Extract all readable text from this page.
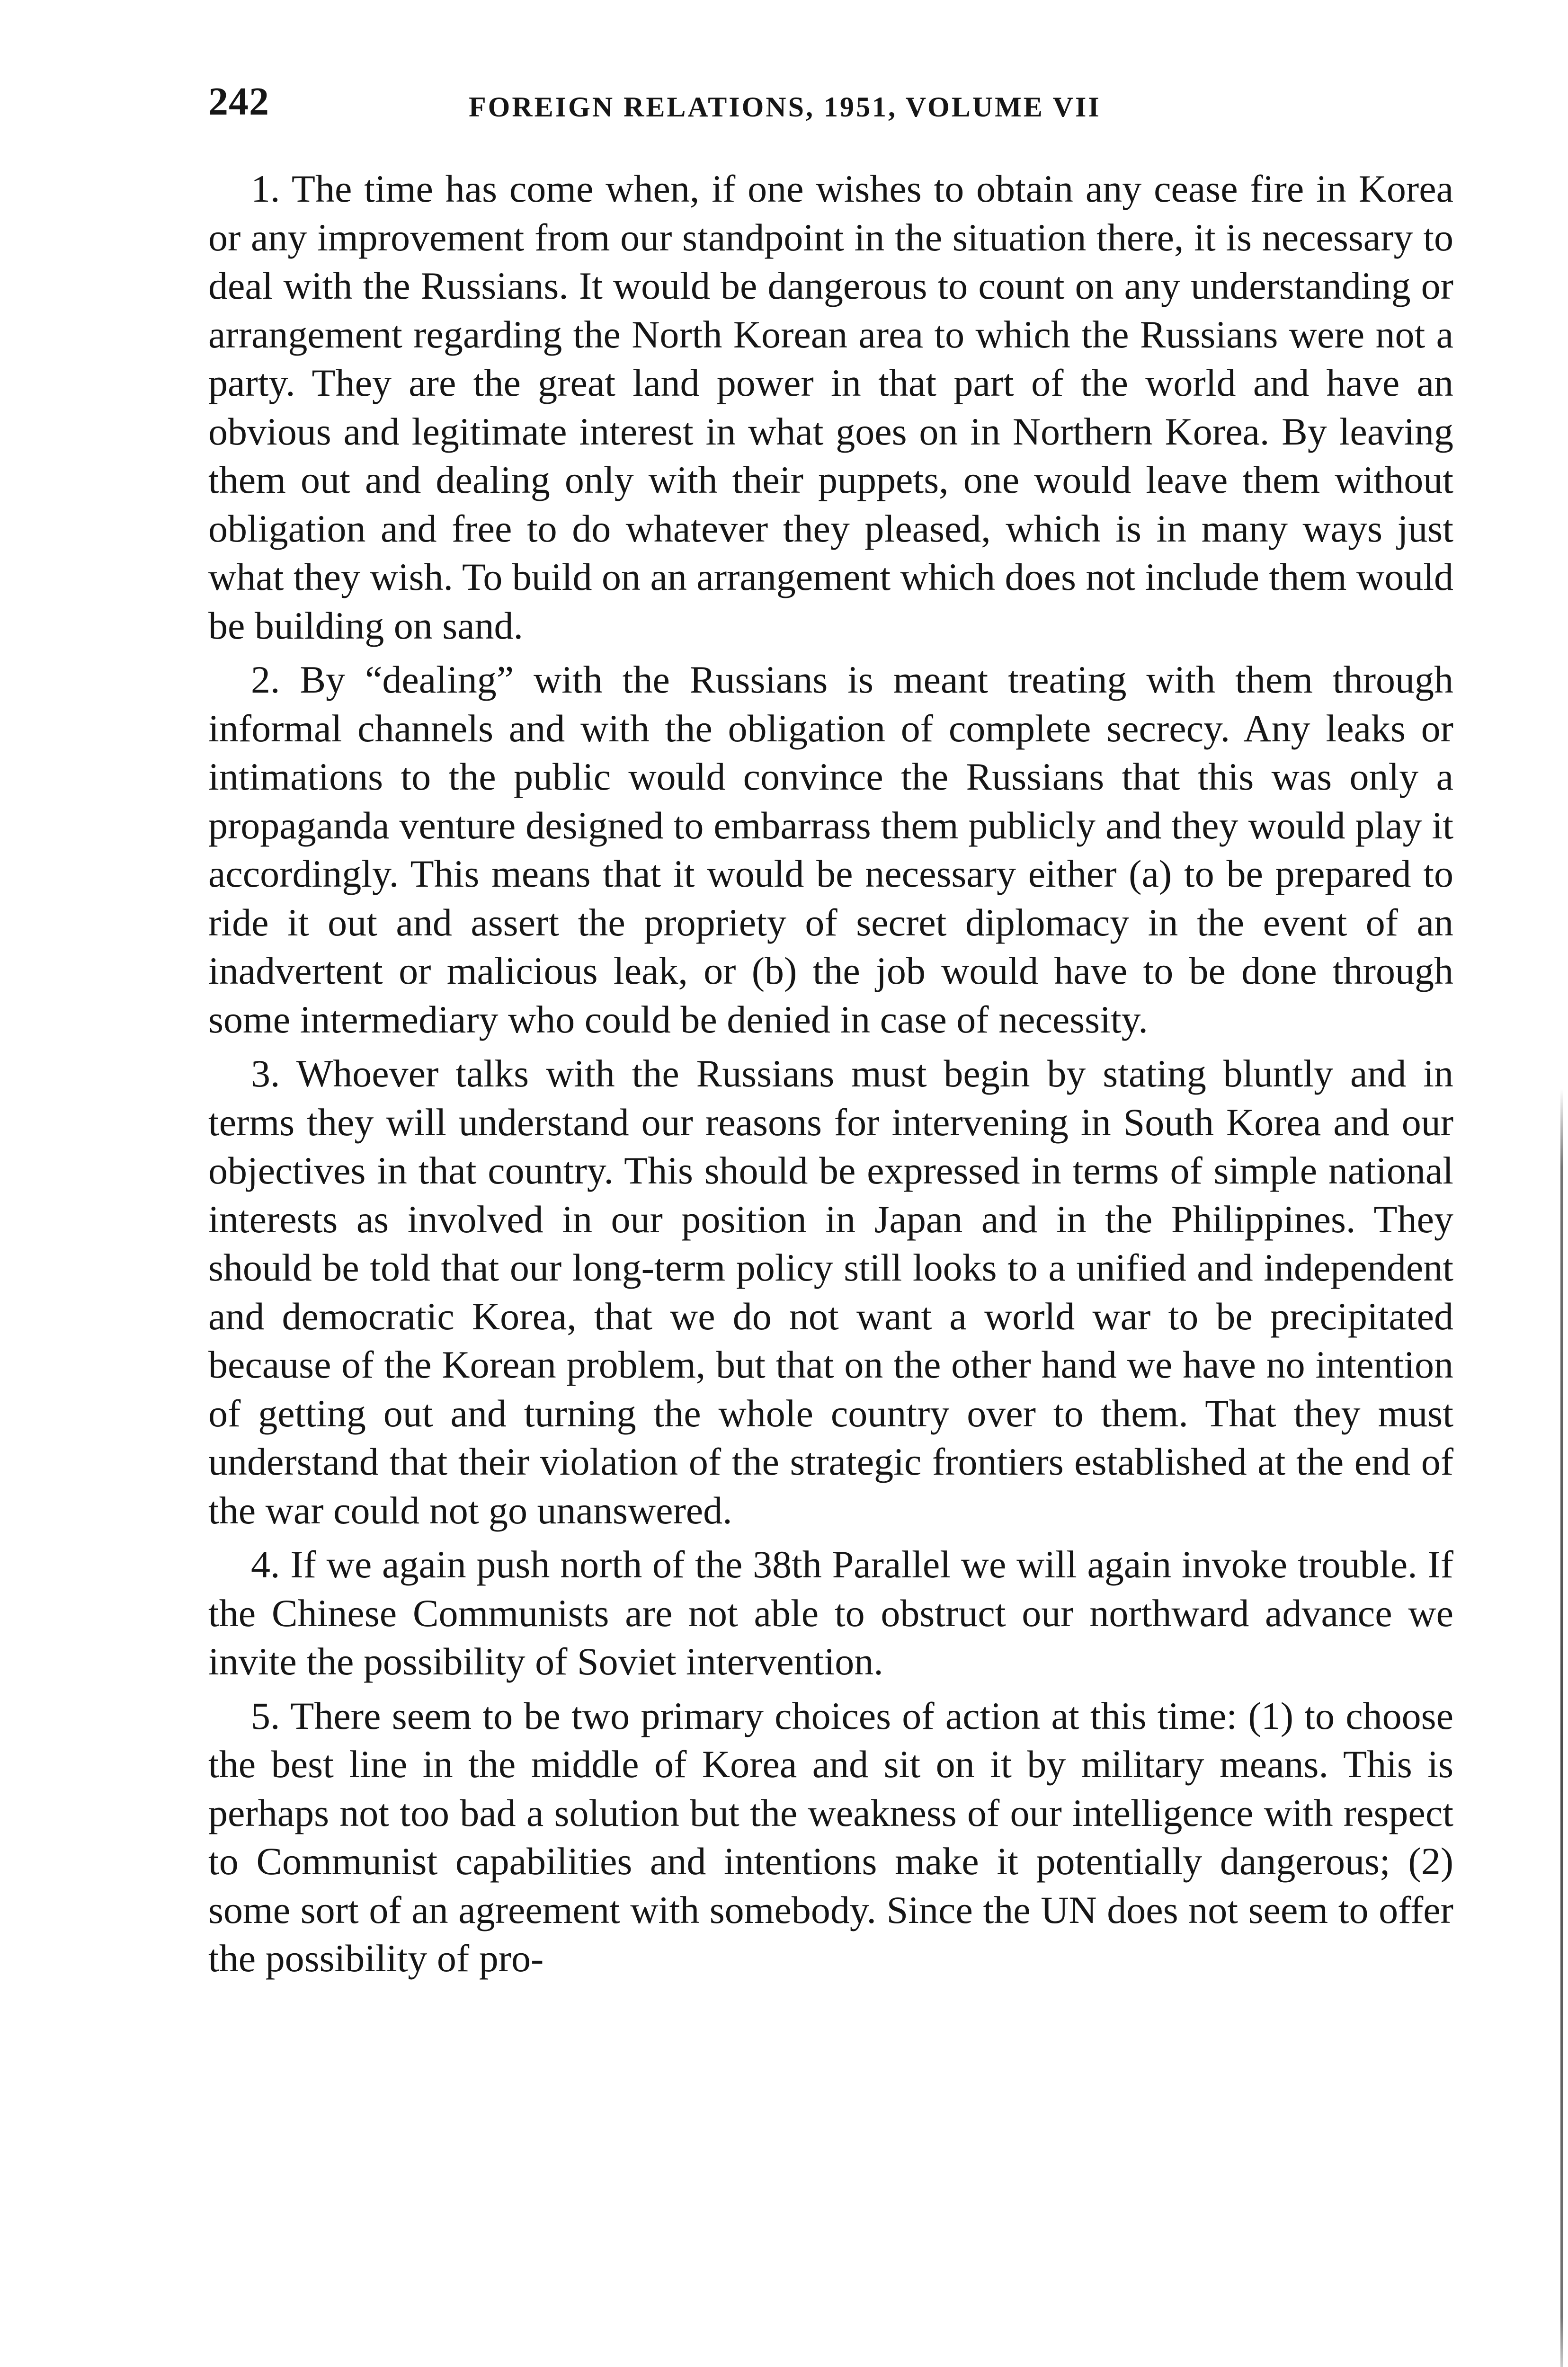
242	FOREIGN RELATIONS, 1951, VOLUME VII

1. The time has come when, if one wishes to obtain any cease fire in Korea or any improvement from our standpoint in the situation there, it is necessary to deal with the Russians. It would be dangerous to count on any understanding or arrangement regarding the North Korean area to which the Russians were not a party. They are the great land power in that part of the world and have an obvious and legitimate interest in what goes on in Northern Korea. By leaving them out and dealing only with their puppets, one would leave them without obligation and free to do whatever they pleased, which is in many ways just what they wish. To build on an arrangement which does not include them would be building on sand.

2. By “dealing” with the Russians is meant treating with them through informal channels and with the obligation of complete secrecy. Any leaks or intimations to the public would convince the Russians that this was only a propaganda venture designed to embarrass them publicly and they would play it accordingly. This means that it would be necessary either (a) to be prepared to ride it out and assert the propriety of secret diplomacy in the event of an inadvertent or malicious leak, or (b) the job would have to be done through some intermediary who could be denied in case of necessity.

3. Whoever talks with the Russians must begin by stating bluntly and in terms they will understand our reasons for intervening in South Korea and our objectives in that country. This should be expressed in terms of simple national interests as involved in our position in Japan and in the Philippines. They should be told that our long-term policy still looks to a unified and independent and democratic Korea, that we do not want a world war to be precipitated because of the Korean problem, but that on the other hand we have no intention of getting out and turning the whole country over to them. That they must understand that their violation of the strategic frontiers established at the end of the war could not go unanswered.

4. If we again push north of the 38th Parallel we will again invoke trouble. If the Chinese Communists are not able to obstruct our northward advance we invite the possibility of Soviet intervention.

5. There seem to be two primary choices of action at this time: (1) to choose the best line in the middle of Korea and sit on it by military means. This is perhaps not too bad a solution but the weakness of our intelligence with respect to Communist capabilities and intentions make it potentially dangerous; (2) some sort of an agreement with somebody. Since the UN does not seem to offer the possibility of pro-
